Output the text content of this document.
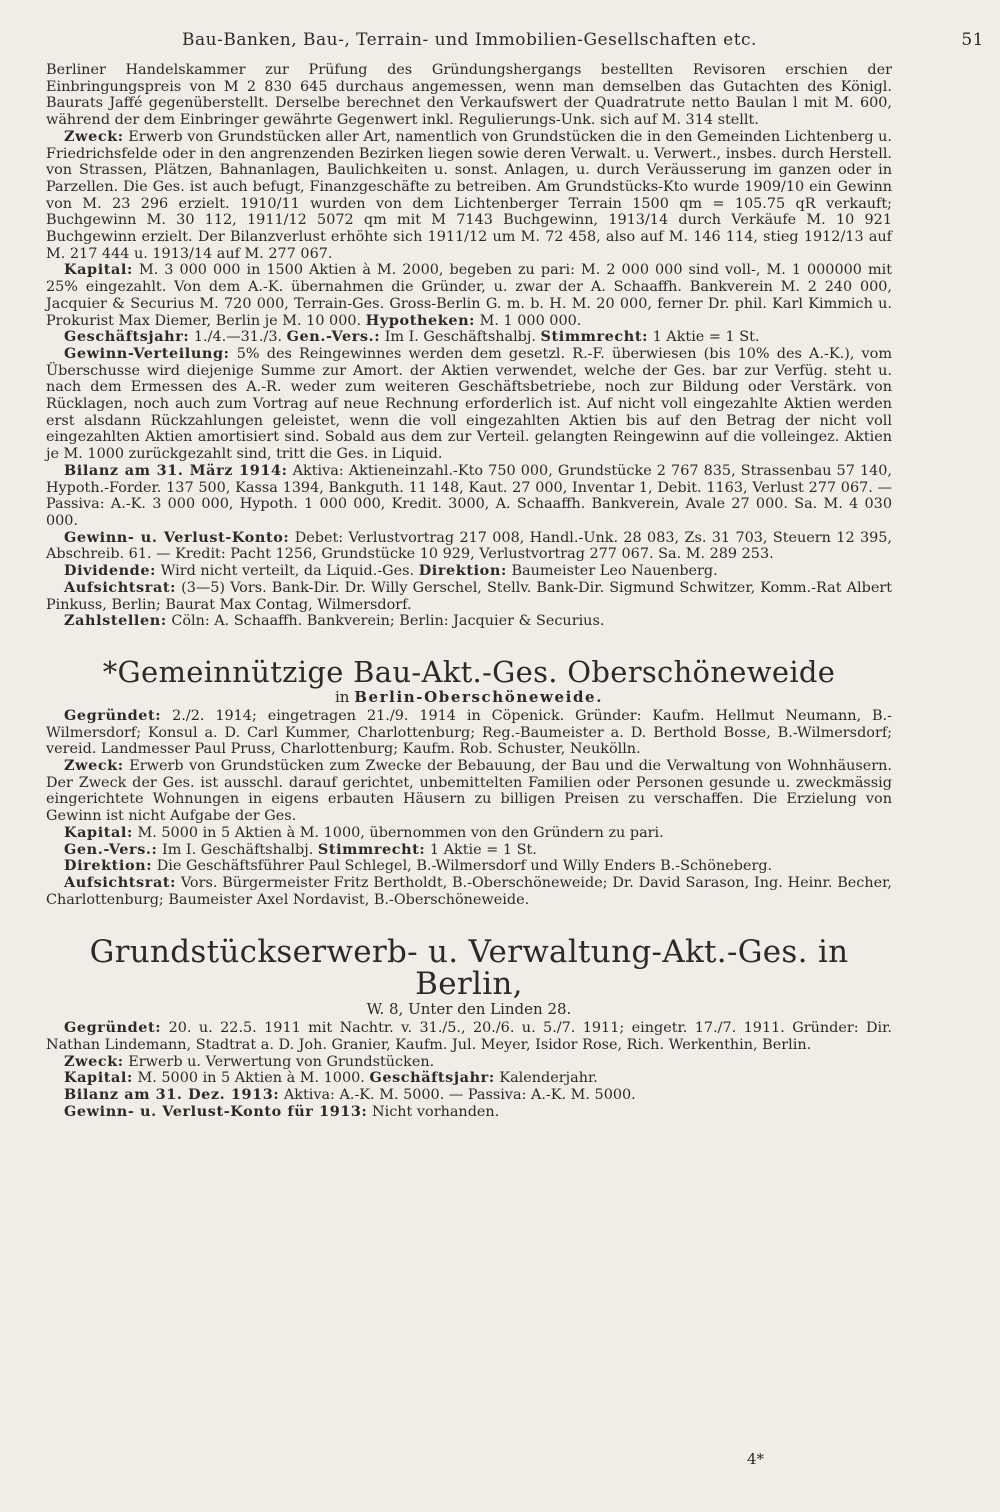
Bau-Banken, Bau-, Terrain- und Immobilien-Gesellschaften etc.	51

Berliner Handelskammer zur Prüfung des Gründungshergangs bestellten Revisoren erschien der Einbringungspreis von M 2 830 645 durchaus angemessen, wenn man demselben das Gutachten des Königl. Baurats Jaffé gegenüberstellt. Derselbe berechnet den Verkaufswert der Quadratrute netto Baulan l mit M. 600, während der dem Einbringer gewährte Gegenwert inkl. Regulierungs-Unk. sich auf M. 314 stellt.

Zweck: Erwerb von Grundstücken aller Art, namentlich von Grundstücken die in den Gemeinden Lichtenberg u. Friedrichsfelde oder in den angrenzenden Bezirken liegen sowie deren Verwalt. u. Verwert., insbes. durch Herstell. von Strassen, Plätzen, Bahnanlagen, Baulichkeiten u. sonst. Anlagen, u. durch Veräusserung im ganzen oder in Parzellen. Die Ges. ist auch befugt, Finanzgeschäfte zu betreiben. Am Grundstücks-Kto wurde 1909/10 ein Gewinn von M. 23 296 erzielt. 1910/11 wurden von dem Lichtenberger Terrain 1500 qm = 105.75 qR verkauft; Buchgewinn M. 30 112, 1911/12 5072 qm mit M 7143 Buchgewinn, 1913/14 durch Verkäufe M. 10 921 Buchgewinn erzielt. Der Bilanzverlust erhöhte sich 1911/12 um M. 72 458, also auf M. 146 114, stieg 1912/13 auf M. 217 444 u. 1913/14 auf M. 277 067.

Kapital: M. 3 000 000 in 1500 Aktien à M. 2000, begeben zu pari: M. 2 000 000 sind voll-, M. 1 000000 mit 25% eingezahlt. Von dem A.-K. übernahmen die Gründer, u. zwar der A. Schaaffh. Bankverein M. 2 240 000, Jacquier & Securius M. 720 000, Terrain-Ges. Gross-Berlin G. m. b. H. M. 20 000, ferner Dr. phil. Karl Kimmich u. Prokurist Max Diemer, Berlin je M. 10 000. Hypotheken: M. 1 000 000.

Geschäftsjahr: 1./4.—31./3. Gen.-Vers.: Im I. Geschäftshalbj. Stimmrecht: 1 Aktie = 1 St.

Gewinn-Verteilung: 5% des Reingewinnes werden dem gesetzl. R.-F. überwiesen (bis 10% des A.-K.), vom Überschusse wird diejenige Summe zur Amort. der Aktien verwendet, welche der Ges. bar zur Verfüg. steht u. nach dem Ermessen des A.-R. weder zum weiteren Geschäftsbetriebe, noch zur Bildung oder Verstärk. von Rücklagen, noch auch zum Vortrag auf neue Rechnung erforderlich ist. Auf nicht voll eingezahlte Aktien werden erst alsdann Rückzahlungen geleistet, wenn die voll eingezahlten Aktien bis auf den Betrag der nicht voll eingezahlten Aktien amortisiert sind. Sobald aus dem zur Verteil. gelangten Reingewinn auf die volleingez. Aktien je M. 1000 zurückgezahlt sind, tritt die Ges. in Liquid.

Bilanz am 31. März 1914: Aktiva: Aktieneinzahl.-Kto 750 000, Grundstücke 2 767 835, Strassenbau 57 140, Hypoth.-Forder. 137 500, Kassa 1394, Bankguth. 11 148, Kaut. 27 000, Inventar 1, Debit. 1163, Verlust 277 067. — Passiva: A.-K. 3 000 000, Hypoth. 1 000 000, Kredit. 3000, A. Schaaffh. Bankverein, Avale 27 000. Sa. M. 4 030 000.

Gewinn- u. Verlust-Konto: Debet: Verlustvortrag 217 008, Handl.-Unk. 28 083, Zs. 31 703, Steuern 12 395, Abschreib. 61. — Kredit: Pacht 1256, Grundstücke 10 929, Verlustvortrag 277 067. Sa. M. 289 253.

Dividende: Wird nicht verteilt, da Liquid.-Ges. Direktion: Baumeister Leo Nauenberg.

Aufsichtsrat: (3—5) Vors. Bank-Dir. Dr. Willy Gerschel, Stellv. Bank-Dir. Sigmund Schwitzer, Komm.-Rat Albert Pinkuss, Berlin; Baurat Max Contag, Wilmersdorf.

Zahlstellen: Cöln: A. Schaaffh. Bankverein; Berlin: Jacquier & Securius.

*Gemeinnützige Bau-Akt.-Ges. Oberschöneweide
in Berlin-Oberschöneweide.

Gegründet: 2./2. 1914; eingetragen 21./9. 1914 in Cöpenick. Gründer: Kaufm. Hellmut Neumann, B.-Wilmersdorf; Konsul a. D. Carl Kummer, Charlottenburg; Reg.-Baumeister a. D. Berthold Bosse, B.-Wilmersdorf; vereid. Landmesser Paul Pruss, Charlottenburg; Kaufm. Rob. Schuster, Neukölln.

Zweck: Erwerb von Grundstücken zum Zwecke der Bebauung, der Bau und die Verwaltung von Wohnhäusern. Der Zweck der Ges. ist ausschl. darauf gerichtet, unbemittelten Familien oder Personen gesunde u. zweckmässig eingerichtete Wohnungen in eigens erbauten Häusern zu billigen Preisen zu verschaffen. Die Erzielung von Gewinn ist nicht Aufgabe der Ges.

Kapital: M. 5000 in 5 Aktien à M. 1000, übernommen von den Gründern zu pari.

Gen.-Vers.: Im I. Geschäftshalbj. Stimmrecht: 1 Aktie = 1 St.

Direktion: Die Geschäftsführer Paul Schlegel, B.-Wilmersdorf und Willy Enders B.-Schöneberg.

Aufsichtsrat: Vors. Bürgermeister Fritz Bertholdt, B.-Oberschöneweide; Dr. David Sarason, Ing. Heinr. Becher, Charlottenburg; Baumeister Axel Nordavist, B.-Oberschöneweide.

Grundstückserwerb- u. Verwaltung-Akt.-Ges. in Berlin,
W. 8, Unter den Linden 28.

Gegründet: 20. u. 22.5. 1911 mit Nachtr. v. 31./5., 20./6. u. 5./7. 1911; eingetr. 17./7. 1911. Gründer: Dir. Nathan Lindemann, Stadtrat a. D. Joh. Granier, Kaufm. Jul. Meyer, Isidor Rose, Rich. Werkenthin, Berlin.

Zweck: Erwerb u. Verwertung von Grundstücken.

Kapital: M. 5000 in 5 Aktien à M. 1000. Geschäftsjahr: Kalenderjahr.

Bilanz am 31. Dez. 1913: Aktiva: A.-K. M. 5000. — Passiva: A.-K. M. 5000.

Gewinn- u. Verlust-Konto für 1913: Nicht vorhanden.

4*
